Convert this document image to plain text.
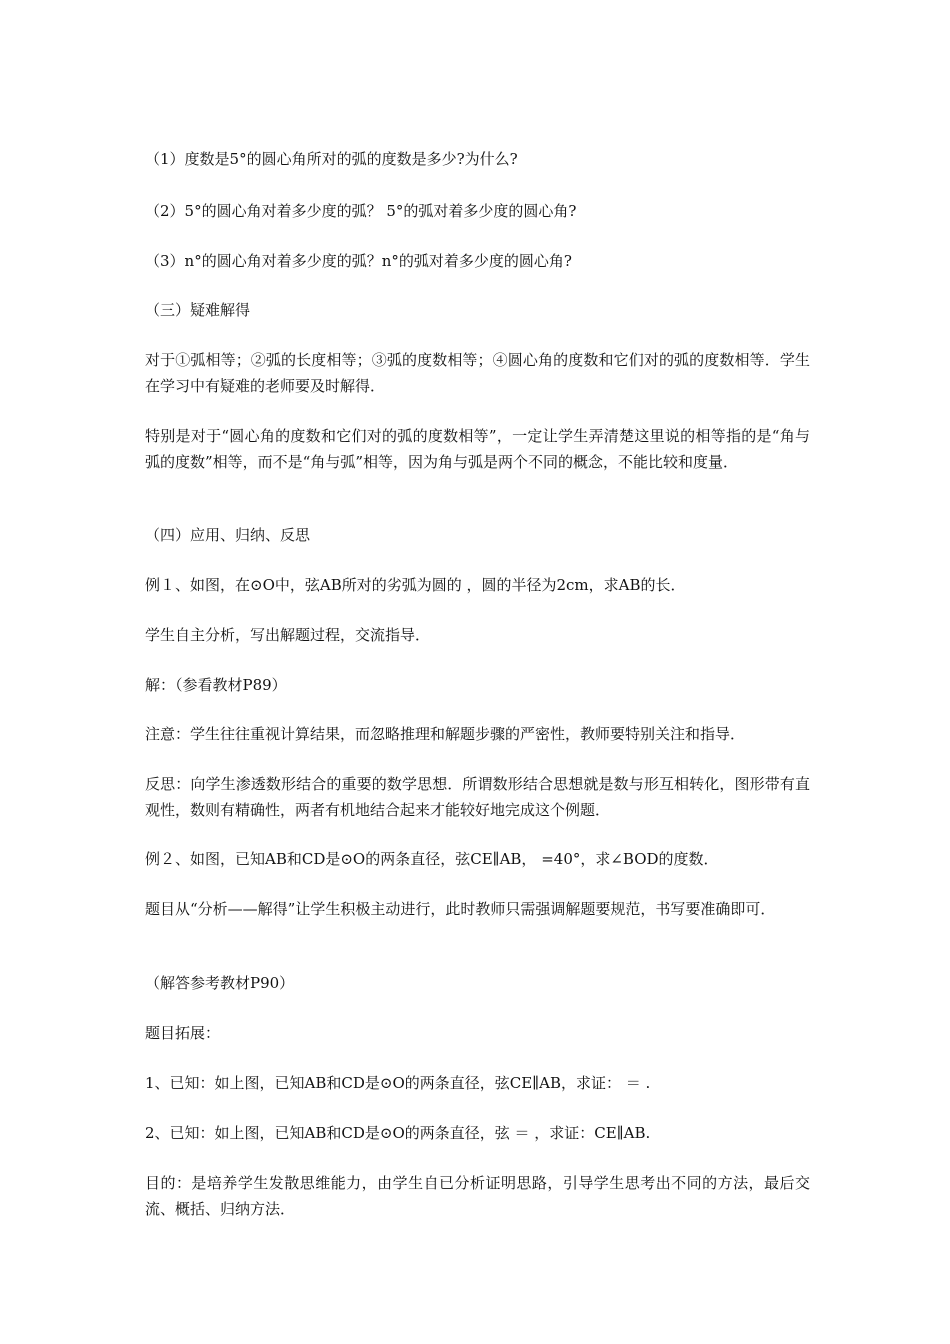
（1）度数是5°的圆心角所对的弧的度数是多少?为什么?

（2）5°的圆心角对着多少度的弧？ 5°的弧对着多少度的圆心角?

（3）n°的圆心角对着多少度的弧？n°的弧对着多少度的圆心角?

（三）疑难解得

对于①弧相等；②弧的长度相等；③弧的度数相等；④圆心角的度数和它们对的弧的度数相等．学生在学习中有疑难的老师要及时解得．

特别是对于“圆心角的度数和它们对的弧的度数相等”，一定让学生弄清楚这里说的相等指的是“角与弧的度数”相等，而不是“角与弧”相等，因为角与弧是两个不同的概念，不能比较和度量．

（四）应用、归纳、反思

例１、如图，在⊙O中，弦AB所对的劣弧为圆的 ，圆的半径为2cm，求AB的长．

学生自主分析，写出解题过程，交流指导．

解：（参看教材P89）

注意：学生往往重视计算结果，而忽略推理和解题步骤的严密性，教师要特别关注和指导．

反思：向学生渗透数形结合的重要的数学思想．所谓数形结合思想就是数与形互相转化，图形带有直观性，数则有精确性，两者有机地结合起来才能较好地完成这个例题．

例２、如图，已知AB和CD是⊙O的两条直径，弦CE∥AB， =40°，求∠BOD的度数．

题目从“分析——解得”让学生积极主动进行，此时教师只需强调解题要规范，书写要准确即可．

（解答参考教材P90）

题目拓展：

1、已知：如上图，已知AB和CD是⊙O的两条直径，弦CE∥AB，求证： ＝ .

2、已知：如上图，已知AB和CD是⊙O的两条直径，弦 ＝ ，求证：CE∥AB.

目的：是培养学生发散思维能力，由学生自已分析证明思路，引导学生思考出不同的方法，最后交流、概括、归纳方法．
